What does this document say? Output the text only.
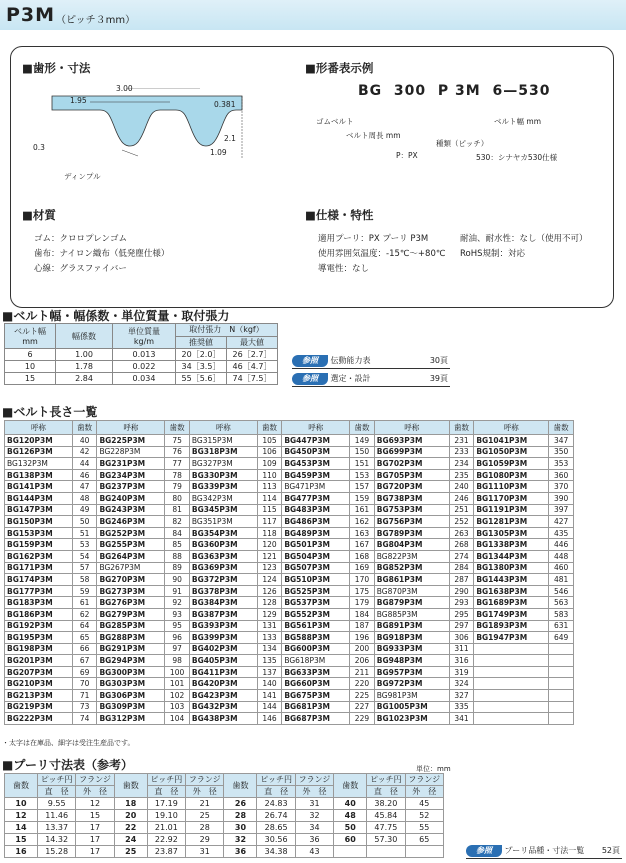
P3M （ピッチ３mm）
■歯形・寸法
3.00
1.95	0.381
0.3
2.1
1.09
ディンプル
■形番表示例
BG 300 P 3M 6—530
ゴムベルト
ベルト周長 mm
P：PX
種類（ピッチ）
ベルト幅 mm
530：シナヤカ530仕様
■材質
ゴム：クロロプレンゴム
歯布：ナイロン織布（低発塵仕様）
心線：グラスファイバー
■仕様・特性
適用プーリ：PX プーリ P3M
使用雰囲気温度：-15℃～+80℃
導電性：なし
耐油、耐水性：なし（使用不可）
RoHS規制：対応
■ベルト幅・幅係数・単位質量・取付張力
ベルト幅
mm	幅係数	単位質量
kg/m	取付張力　N（kgf）	
			推奨値	最大値
6	1.00	0.013	20［2.0］	26［2.7］
10	1.78	0.022	34［3.5］	46［4.7］
15	2.84	0.034	55［5.6］	74［7.5］
参照 伝動能力表	30頁
参照 選定・設計	39頁
■ベルト長さ一覧
呼称	歯数	呼称	歯数	呼称	歯数	呼称	歯数	呼称	歯数	呼称	歯数
BG120P3M	40	BG225P3M	75	BG315P3M	105	BG447P3M	149	BG693P3M	231	BG1041P3M	347
BG126P3M	42	BG228P3M	76	BG318P3M	106	BG450P3M	150	BG699P3M	233	BG1050P3M	350
BG132P3M	44	BG231P3M	77	BG327P3M	109	BG453P3M	151	BG702P3M	234	BG1059P3M	353
BG138P3M	46	BG234P3M	78	BG330P3M	110	BG459P3M	153	BG705P3M	235	BG1080P3M	360
BG141P3M	47	BG237P3M	79	BG339P3M	113	BG471P3M	157	BG720P3M	240	BG1110P3M	370
BG144P3M	48	BG240P3M	80	BG342P3M	114	BG477P3M	159	BG738P3M	246	BG1170P3M	390
BG147P3M	49	BG243P3M	81	BG345P3M	115	BG483P3M	161	BG753P3M	251	BG1191P3M	397
BG150P3M	50	BG246P3M	82	BG351P3M	117	BG486P3M	162	BG756P3M	252	BG1281P3M	427
BG153P3M	51	BG252P3M	84	BG354P3M	118	BG489P3M	163	BG789P3M	263	BG1305P3M	435
BG159P3M	53	BG255P3M	85	BG360P3M	120	BG501P3M	167	BG804P3M	268	BG1338P3M	446
BG162P3M	54	BG264P3M	88	BG363P3M	121	BG504P3M	168	BG822P3M	274	BG1344P3M	448
BG171P3M	57	BG267P3M	89	BG369P3M	123	BG507P3M	169	BG852P3M	284	BG1380P3M	460
BG174P3M	58	BG270P3M	90	BG372P3M	124	BG510P3M	170	BG861P3M	287	BG1443P3M	481
BG177P3M	59	BG273P3M	91	BG378P3M	126	BG525P3M	175	BG870P3M	290	BG1638P3M	546
BG183P3M	61	BG276P3M	92	BG384P3M	128	BG537P3M	179	BG879P3M	293	BG1689P3M	563
BG186P3M	62	BG279P3M	93	BG387P3M	129	BG552P3M	184	BG885P3M	295	BG1749P3M	583
BG192P3M	64	BG285P3M	95	BG393P3M	131	BG561P3M	187	BG891P3M	297	BG1893P3M	631
BG195P3M	65	BG288P3M	96	BG399P3M	133	BG588P3M	196	BG918P3M	306	BG1947P3M	649
BG198P3M	66	BG291P3M	97	BG402P3M	134	BG600P3M	200	BG933P3M	311		
BG201P3M	67	BG294P3M	98	BG405P3M	135	BG618P3M	206	BG948P3M	316		
BG207P3M	69	BG300P3M	100	BG411P3M	137	BG633P3M	211	BG957P3M	319		
BG210P3M	70	BG303P3M	101	BG420P3M	140	BG660P3M	220	BG972P3M	324		
BG213P3M	71	BG306P3M	102	BG423P3M	141	BG675P3M	225	BG981P3M	327		
BG219P3M	73	BG309P3M	103	BG432P3M	144	BG681P3M	227	BG1005P3M	335		
BG222P3M	74	BG312P3M	104	BG438P3M	146	BG687P3M	229	BG1023P3M	341		
・太字は在庫品、細字は受注生産品です。
■プーリ寸法表（参考）	単位：mm
歯数	ピッチ円	フランジ	歯数	ピッチ円	フランジ	歯数	ピッチ円	フランジ	歯数	ピッチ円	フランジ
	直　径	外　径		直　径	外　径		直　径	外　径		直　径	外　径
10	9.55	12	18	17.19	21	26	24.83	31	40	38.20	45
12	11.46	15	20	19.10	25	28	26.74	32	48	45.84	52
14	13.37	17	22	21.01	28	30	28.65	34	50	47.75	55
15	14.32	17	24	22.92	29	32	30.56	36	60	57.30	65
16	15.28	17	25	23.87	31	36	34.38	43				参照 プーリ品種・寸法一覧 52頁
